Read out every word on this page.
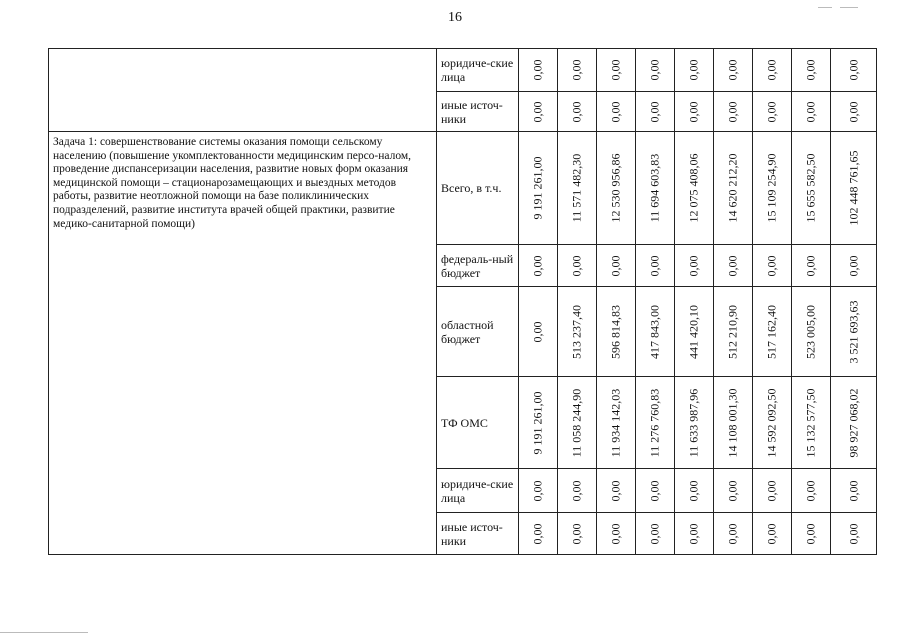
16
	юридиче-ские лица	0,00	0,00	0,00	0,00	0,00	0,00	0,00	0,00	0,00

	иные источ-ники	0,00	0,00	0,00	0,00	0,00	0,00	0,00	0,00	0,00

Задача 1: совершенствование системы оказания помощи сельскому населению (повышение укомплектованности медицинским персо-налом, проведение диспансеризации населения, развитие новых форм оказания медицинской помощи – стационарозамещающих и выездных методов работы, развитие неотложной помощи на базе поликлинических подразделений, развитие института врачей общей практики, развитие медико-санитарной помощи)	Всего, в т.ч.	9 191 261,00	11 571 482,30	12 530 956,86	11 694 603,83	12 075 408,06	14 620 212,20	15 109 254,90	15 655 582,50	102 448 761,65

	федераль-ный бюджет	0,00	0,00	0,00	0,00	0,00	0,00	0,00	0,00	0,00

	областной бюджет	0,00	513 237,40	596 814,83	417 843,00	441 420,10	512 210,90	517 162,40	523 005,00	3 521 693,63

	ТФ ОМС	9 191 261,00	11 058 244,90	11 934 142,03	11 276 760,83	11 633 987,96	14 108 001,30	14 592 092,50	15 132 577,50	98 927 068,02

	юридиче-ские лица	0,00	0,00	0,00	0,00	0,00	0,00	0,00	0,00	0,00

	иные источ-ники	0,00	0,00	0,00	0,00	0,00	0,00	0,00	0,00	0,00
